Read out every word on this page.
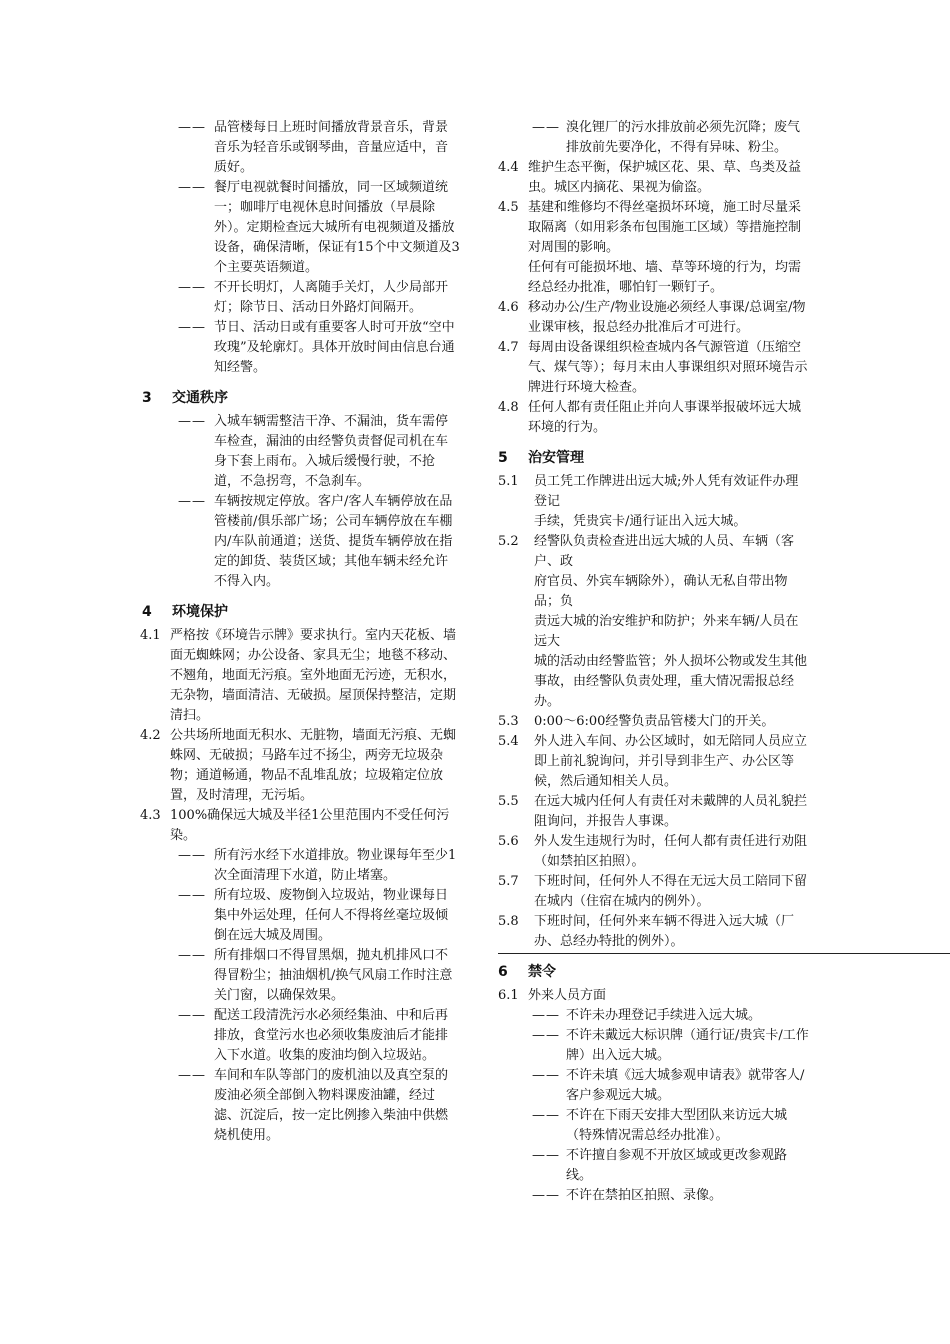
—— 品管楼每日上班时间播放背景音乐，背景音乐为轻音乐或钢琴曲，音量应适中，音质好。
—— 餐厅电视就餐时间播放，同一区域频道统一；咖啡厅电视休息时间播放（早晨除外）。定期检查远大城所有电视频道及播放设备，确保清晰，保证有15个中文频道及3个主要英语频道。
—— 不开长明灯，人离随手关灯，人少局部开灯；除节日、活动日外路灯间隔开。
—— 节日、活动日或有重要客人时可开放“空中玫瑰”及轮廓灯。具体开放时间由信息台通知经警。
3	交通秩序
—— 入城车辆需整洁干净、不漏油，货车需停车检查，漏油的由经警负责督促司机在车身下套上雨布。入城后缓慢行驶，不抢道，不急拐弯，不急刹车。
—— 车辆按规定停放。客户/客人车辆停放在品管楼前/俱乐部广场；公司车辆停放在车棚内/车队前通道；送货、提货车辆停放在指定的卸货、装货区域；其他车辆未经允许不得入内。
4	环境保护
4.1 严格按《环境告示牌》要求执行。室内天花板、墙面无蜘蛛网；办公设备、家具无尘；地毯不移动、不翘角，地面无污痕。室外地面无污迹，无积水，无杂物，墙面清洁、无破损。屋顶保持整洁，定期清扫。
4.2 公共场所地面无积水、无脏物，墙面无污痕、无蜘蛛网、无破损；马路车过不扬尘，两旁无垃圾杂物；通道畅通，物品不乱堆乱放；垃圾箱定位放置，及时清理，无污垢。
4.3 100%确保远大城及半径1公里范围内不受任何污染。
—— 所有污水经下水道排放。物业课每年至少1次全面清理下水道，防止堵塞。
—— 所有垃圾、废物倒入垃圾站，物业课每日集中外运处理，任何人不得将丝毫垃圾倾倒在远大城及周围。
—— 所有排烟口不得冒黑烟，抛丸机排风口不得冒粉尘；抽油烟机/换气风扇工作时注意关门窗，以确保效果。
—— 配送工段清洗污水必须经集油、中和后再排放，食堂污水也必须收集废油后才能排入下水道。收集的废油均倒入垃圾站。
—— 车间和车队等部门的废机油以及真空泵的废油必须全部倒入物料课废油罐，经过滤、沉淀后，按一定比例掺入柴油中供燃烧机使用。
—— 溴化锂厂的污水排放前必须先沉降；废气排放前先要净化，不得有异味、粉尘。
4.4 维护生态平衡，保护城区花、果、草、鸟类及益虫。城区内摘花、果视为偷盗。
4.5 基建和维修均不得丝毫损坏环境，施工时尽量采取隔离（如用彩条布包围施工区域）等措施控制对周围的影响。
任何有可能损坏地、墙、草等环境的行为，均需经总经办批准，哪怕钉一颗钉子。
4.6 移动办公/生产/物业设施必须经人事课/总调室/物业课审核，报总经办批准后才可进行。
4.7 每周由设备课组织检查城内各气源管道（压缩空气、煤气等）；每月末由人事课组织对照环境告示牌进行环境大检查。
4.8 任何人都有责任阻止并向人事课举报破坏远大城环境的行为。
5	治安管理
5.1	员工凭工作牌进出远大城;外人凭有效证件办理登记
手续，凭贵宾卡/通行证出入远大城。
5.2	经警队负责检查进出远大城的人员、车辆（客户、政
府官员、外宾车辆除外），确认无私自带出物品；负
责远大城的治安维护和防护；外来车辆/人员在远大
城的活动由经警监管；外人损坏公物或发生其他
事故，由经警队负责处理，重大情况需报总经办。
5.3	0:00～6:00经警负责品管楼大门的开关。
5.4	外人进入车间、办公区域时，如无陪同人员应立即上前礼貌询问，并引导到非生产、办公区等候，然后通知相关人员。
5.5	在远大城内任何人有责任对未戴牌的人员礼貌拦阻询问，并报告人事课。
5.6	外人发生违规行为时，任何人都有责任进行劝阻（如禁拍区拍照）。
5.7	下班时间，任何外人不得在无远大员工陪同下留在城内（住宿在城内的例外）。
5.8	下班时间，任何外来车辆不得进入远大城（厂办、总经办特批的例外）。
6	禁令
6.1 外来人员方面
—— 不许未办理登记手续进入远大城。
—— 不许未戴远大标识牌（通行证/贵宾卡/工作牌）出入远大城。
—— 不许未填《远大城参观申请表》就带客人/客户参观远大城。
—— 不许在下雨天安排大型团队来访远大城（特殊情况需总经办批准）。
—— 不许擅自参观不开放区域或更改参观路线。
—— 不许在禁拍区拍照、录像。
